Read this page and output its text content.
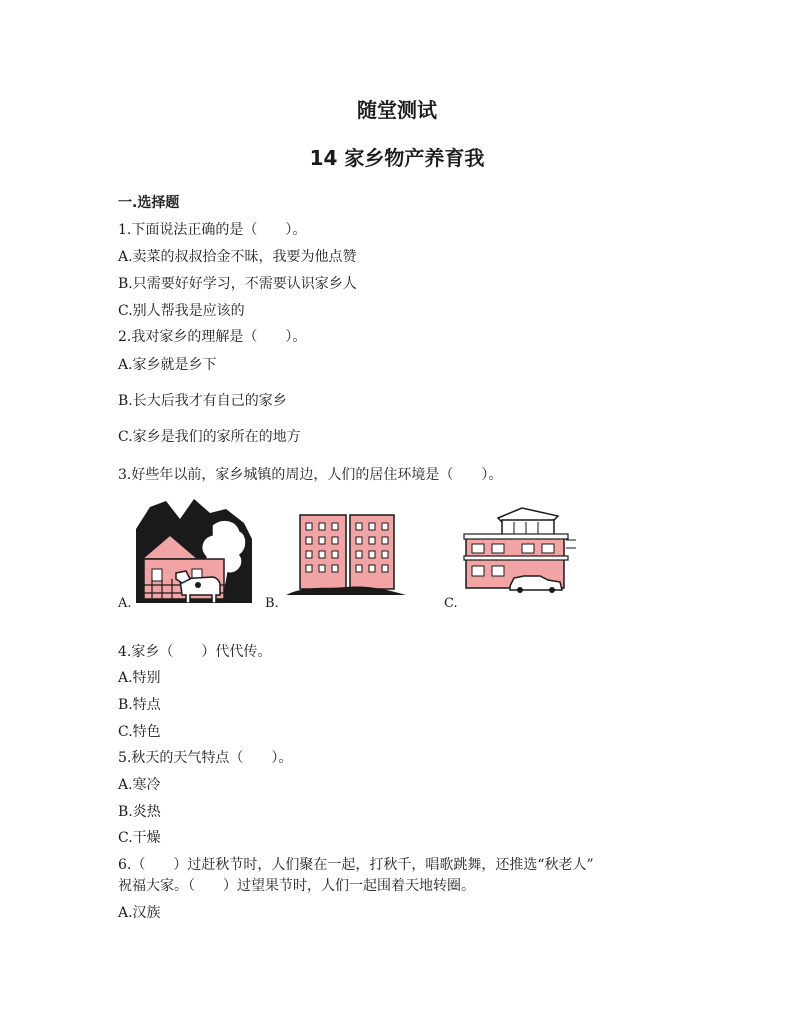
随堂测试
14 家乡物产养育我
一.选择题
1.下面说法正确的是（　　）。
A.卖菜的叔叔拾金不昧，我要为他点赞
B.只需要好好学习，不需要认识家乡人
C.别人帮我是应该的
2.我对家乡的理解是（　　）。
A.家乡就是乡下
B.长大后我才有自己的家乡
C.家乡是我们的家所在的地方
3.好些年以前，家乡城镇的周边，人们的居住环境是（　　）。
A.	B.	C.
4.家乡（　　）代代传。
A.特别
B.特点
C.特色
5.秋天的天气特点（　　）。
A.寒冷
B.炎热
C.干燥
6.（　　）过赶秋节时，人们聚在一起，打秋千，唱歌跳舞，还推选“秋老人”
祝福大家。（　　）过望果节时，人们一起围着天地转圈。
A.汉族
